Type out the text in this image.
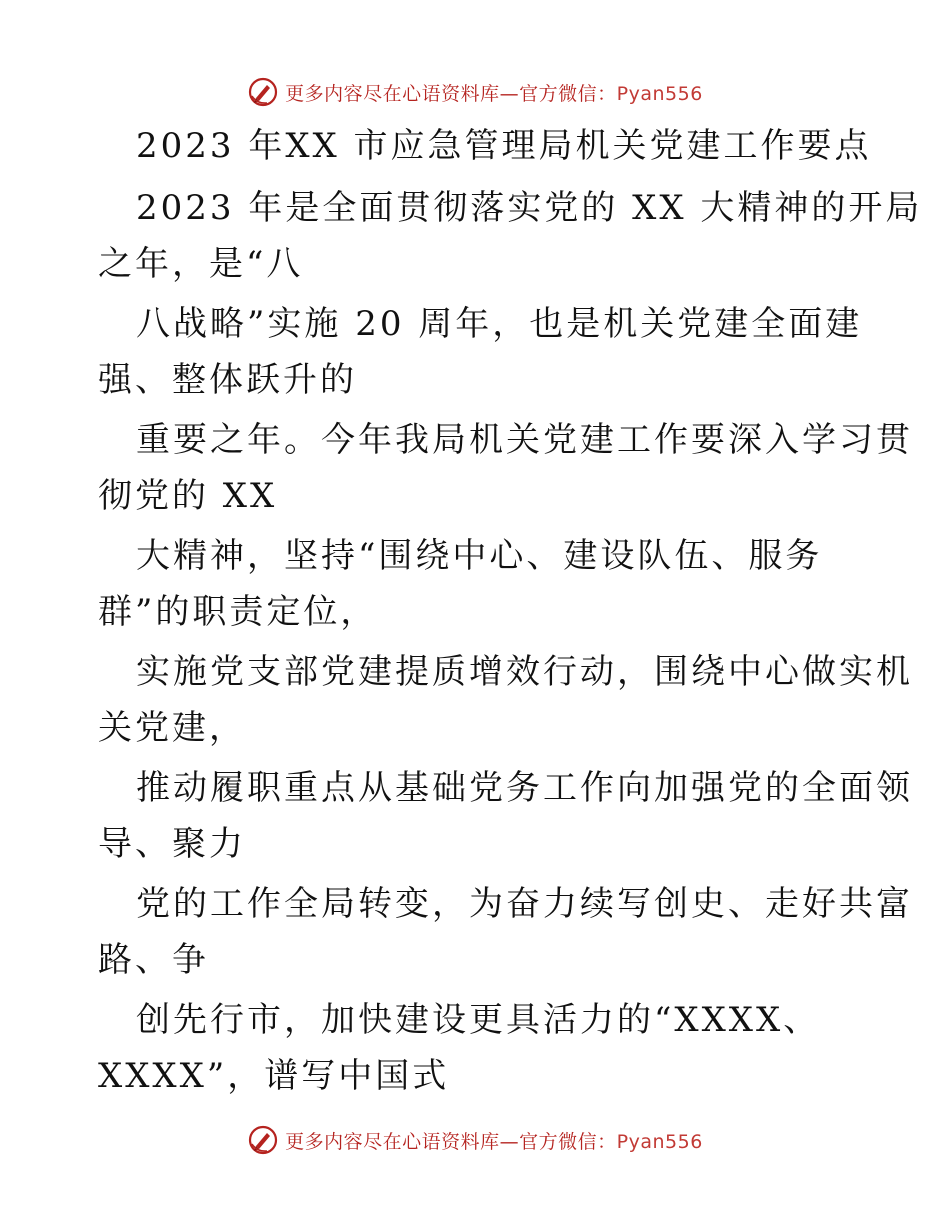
更多内容尽在心语资料库—官方微信：Pyan556
2023 年XX 市应急管理局机关党建工作要点
2023 年是全面贯彻落实党的 XX 大精神的开局
之年，是“八
八战略”实施 20 周年，也是机关党建全面建
强、整体跃升的
重要之年。今年我局机关党建工作要深入学习贯
彻党的 XX
大精神，坚持“围绕中心、建设队伍、服务
群”的职责定位，
实施党支部党建提质增效行动，围绕中心做实机
关党建，
推动履职重点从基础党务工作向加强党的全面领
导、聚力
党的工作全局转变，为奋力续写创史、走好共富
路、争
创先行市，加快建设更具活力的“XXXX、
XXXX”，谱写中国式
更多内容尽在心语资料库—官方微信：Pyan556
